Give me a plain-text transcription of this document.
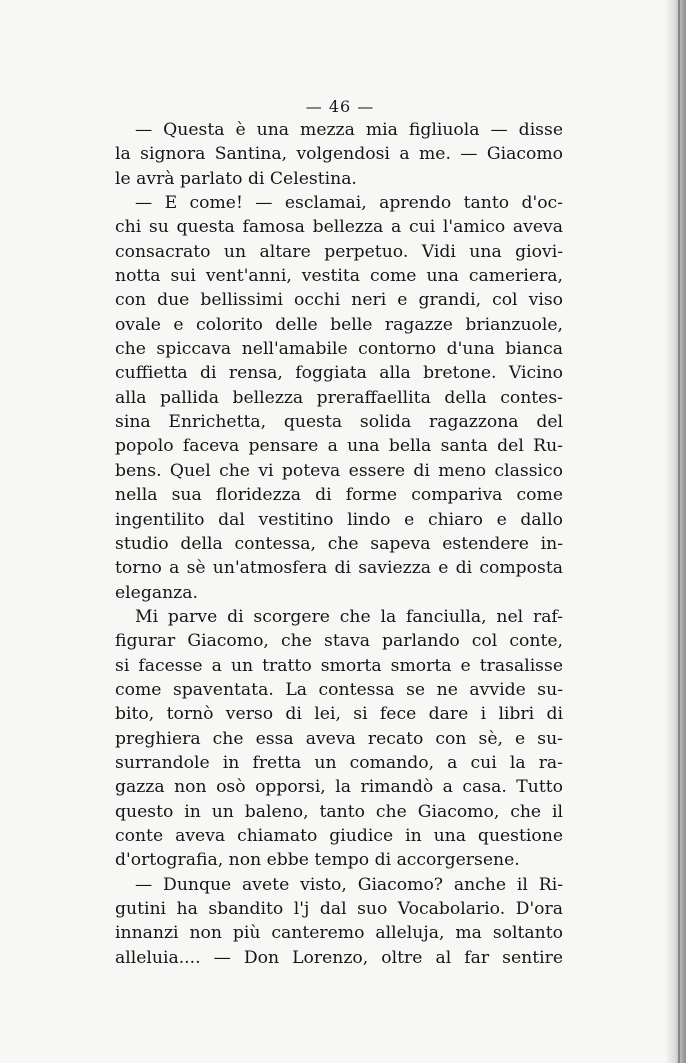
— 46 —
— Questa è una mezza mia figliuola — disse
la signora Santina, volgendosi a me. — Giacomo
le avrà parlato di Celestina.
— E come! — esclamai, aprendo tanto d'oc-
chi su questa famosa bellezza a cui l'amico aveva
consacrato un altare perpetuo. Vidi una giovi-
notta sui vent'anni, vestita come una cameriera,
con due bellissimi occhi neri e grandi, col viso
ovale e colorito delle belle ragazze brianzuole,
che spiccava nell'amabile contorno d'una bianca
cuffietta di rensa, foggiata alla bretone. Vicino
alla pallida bellezza preraffaellita della contes-
sina Enrichetta, questa solida ragazzona del
popolo faceva pensare a una bella santa del Ru-
bens. Quel che vi poteva essere di meno classico
nella sua floridezza di forme compariva come
ingentilito dal vestitino lindo e chiaro e dallo
studio della contessa, che sapeva estendere in-
torno a sè un'atmosfera di saviezza e di composta
eleganza.
Mi parve di scorgere che la fanciulla, nel raf-
figurar Giacomo, che stava parlando col conte,
si facesse a un tratto smorta smorta e trasalisse
come spaventata. La contessa se ne avvide su-
bito, tornò verso di lei, si fece dare i libri di
preghiera che essa aveva recato con sè, e su-
surrandole in fretta un comando, a cui la ra-
gazza non osò opporsi, la rimandò a casa. Tutto
questo in un baleno, tanto che Giacomo, che il
conte aveva chiamato giudice in una questione
d'ortografia, non ebbe tempo di accorgersene.
— Dunque avete visto, Giacomo? anche il Ri-
gutini ha sbandito l'j dal suo Vocabolario. D'ora
innanzi non più canteremo alleluja, ma soltanto
alleluia.... — Don Lorenzo, oltre al far sentire
